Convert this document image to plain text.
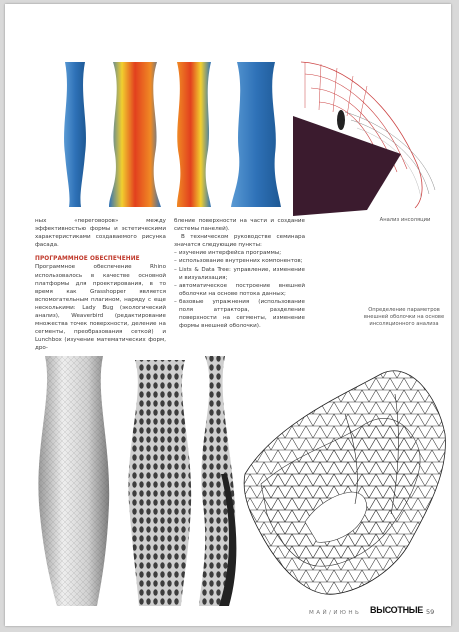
Анализ инсоляции

ных «переговоров» между эффективностью формы и эстетическими характеристиками создаваемого рисунка фасада.

ПРОГРАММНОЕ ОБЕСПЕЧЕНИЕ

Программное обеспечение Rhino использовалось в качестве основной платформы для проектирования, в то время как Grasshopper является вспомогательным плагином, наряду с еще несколькими: Lady Bug (экологический анализ), Weaverbird (редактирование множества точек поверхности, деление на сегменты, преобразования сеткой) и Lunchbox (изучение математических форм, дро-

бление поверхности на части и создание системы панелей).

В техническом руководстве семинара значатся следующие пункты:

– изучение интерфейса программы;
– использование внутренних компонентов;
– Lists & Data Tree: управление, изменение и визуализация;
– автоматическое построение внешней оболочки на основе потока данных;
– базовые упражнения (использование поля аттрактора, разделение поверхности на сегменты, изменение формы внешней оболочки).
Определение параметров внешней оболочки на основе инсоляционного анализа
МАЙ/ИЮНЬ ВЫСОТНЫЕ 59
